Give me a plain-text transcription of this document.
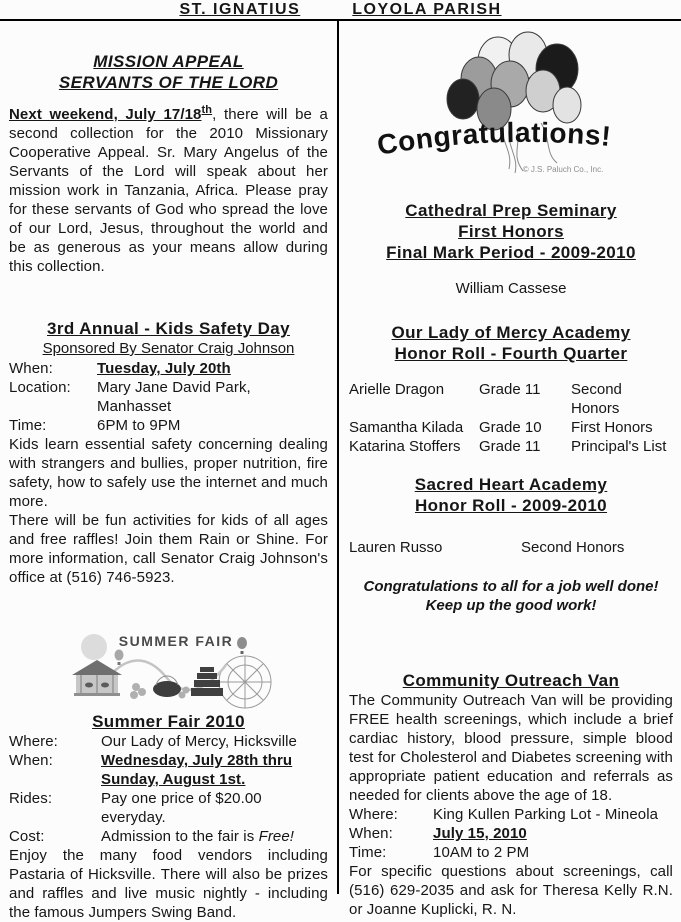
ST. IGNATIUS	LOYOLA PARISH
MISSION APPEAL
SERVANTS OF THE LORD

Next weekend, July 17/18th, there will be a second collection for the 2010 Missionary Cooperative Appeal. Sr. Mary Angelus of the Servants of the Lord will speak about her mission work in Tanzania, Africa. Please pray for these servants of God who spread the love of our Lord, Jesus, throughout the world and be as generous as your means allow during this collection.

3rd Annual - Kids Safety Day
Sponsored By Senator Craig Johnson
When:	Tuesday, July 20th
Location:	Mary Jane David Park, Manhasset
Time:	6PM to 9PM

Kids learn essential safety concerning dealing with strangers and bullies, proper nutrition, fire safety, how to safely use the internet and much more.

There will be fun activities for kids of all ages and free raffles! Join them Rain or Shine. For more information, call Senator Craig Johnson's office at (516) 746-5923.

SUMMER FAIR
Summer Fair 2010
Where:	Our Lady of Mercy, Hicksville
When:	Wednesday, July 28th thru
Sunday, August 1st.
Rides:	Pay one price of $20.00 everyday.
Cost:	Admission to the fair is Free!

Enjoy the many food vendors including Pastaria of Hicksville. There will also be prizes and raffles and live music nightly - including the famous Jumpers Swing Band.

Congratulations!
© J.S. Paluch Co., Inc.
Cathedral Prep Seminary
First Honors
Final Mark Period - 2009-2010
William Cassese
Our Lady of Mercy Academy
Honor Roll - Fourth Quarter
Arielle Dragon	Grade 11	Second Honors
Samantha Kilada	Grade 10	First Honors
Katarina Stoffers	Grade 11	Principal's List
Sacred Heart Academy
Honor Roll - 2009-2010
Lauren Russo	Second Honors
Congratulations to all for a job well done!
Keep up the good work!
Community Outreach Van

The Community Outreach Van will be providing FREE health screenings, which include a brief cardiac history, blood pressure, simple blood test for Cholesterol and Diabetes screening with appropriate patient education and referrals as needed for clients above the age of 18.

Where:	King Kullen Parking Lot - Mineola
When:	July 15, 2010
Time:	10AM to 2 PM

For specific questions about screenings, call (516) 629-2035 and ask for Theresa Kelly R.N. or Joanne Kuplicki, R. N.
